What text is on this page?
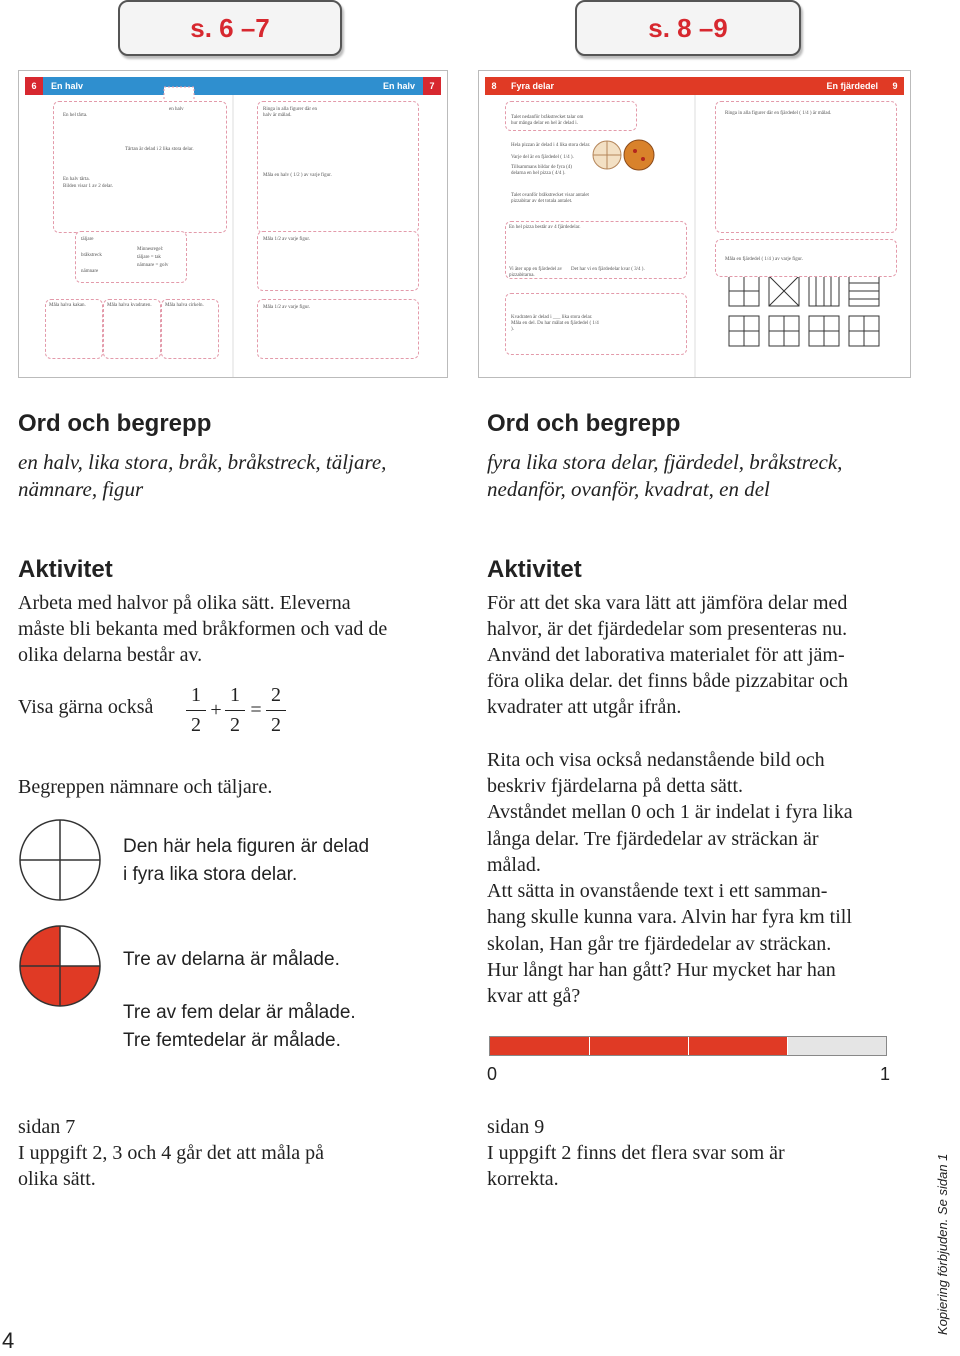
s. 6 –7	s. 8 –9
6	En halv	En halv	7
En hel tårta.
en halv
Tårtan är delad i 2 lika stora delar.
En halv tårta.
Bilden visar 1 av 2 delar.
Ringa in alla figurer där en halv är målad.
Måla en halv ( 1/2 ) av varje figur.
täljare
bråkstreck
nämnare
Minnesregel:
täljare = tak
nämnare = golv
Måla 1/2 av varje figur.
Måla halva kakan.	Måla halva kvadraten.	Måla halva cirkeln.	Måla 1/2 av varje figur.
8	Fyra delar	En fjärdedel	9
Talet nedanför bråkstrecket talar om hur många delar en hel är delad i.
Hela pizzan är delad i 4 lika stora delar.
Varje del är en fjärdedel ( 1/4 ).
Tillsammans bildar de fyra (4) delarna en hel pizza ( 4/4 ).
Talet ovanför bråkstrecket visar antalet pizzabitar av det totala antalet.
Ringa in alla figurer där en fjärdedel ( 1/4 ) är målad.
En hel pizza består av 4 fjärdedelar.
Vi äter upp en fjärdedel av pizzabitarna.
Det har vi en fjärdedelar kvar ( 3/4 ).
Måla en fjärdedel ( 1/4 ) av varje figur.
Kvadraten är delad i ___ lika stora delar. Måla en del. Du har målat en fjärdedel ( 1/4 ).
Ord och begrepp
en halv, lika stora, bråk, bråkstreck, täljare,
nämnare, figur
Aktivitet
Arbeta med halvor på olika sätt. Eleverna
måste bli bekanta med bråkformen och vad de
olika delarna består av.
Visa gärna också
1
2
+
1
2
=
2
2
Begreppen nämnare och täljare.
Den här hela figuren är delad
i fyra lika stora delar.
Tre av delarna är målade.
Tre av fem delar är målade.
Tre femtedelar är målade.
sidan 7
I uppgift 2, 3 och 4 går det att måla på
olika sätt.
Ord och begrepp
fyra lika stora delar, fjärdedel, bråkstreck,
nedanför, ovanför, kvadrat, en del
Aktivitet
För att det ska vara lätt att jämföra delar med
halvor, är det fjärdedelar som presenteras nu.
Använd det laborativa materialet för att jäm-
föra olika delar. det finns både pizzabitar och
kvadrater att utgår ifrån.
Rita och visa också nedanstående bild och
beskriv fjärdelarna på detta sätt.
Avståndet mellan 0 och 1 är indelat i fyra lika
långa delar. Tre fjärdedelar av sträckan är
målad.
Att sätta in ovanstående text i ett samman-
hang skulle kunna vara. Alvin har fyra km till
skolan, Han går tre fjärdedelar av sträckan.
Hur långt har han gått? Hur mycket har han
kvar att gå?
0	1
sidan 9
I uppgift 2 finns det flera svar som är
korrekta.
4
Kopiering förbjuden. Se sidan 1
